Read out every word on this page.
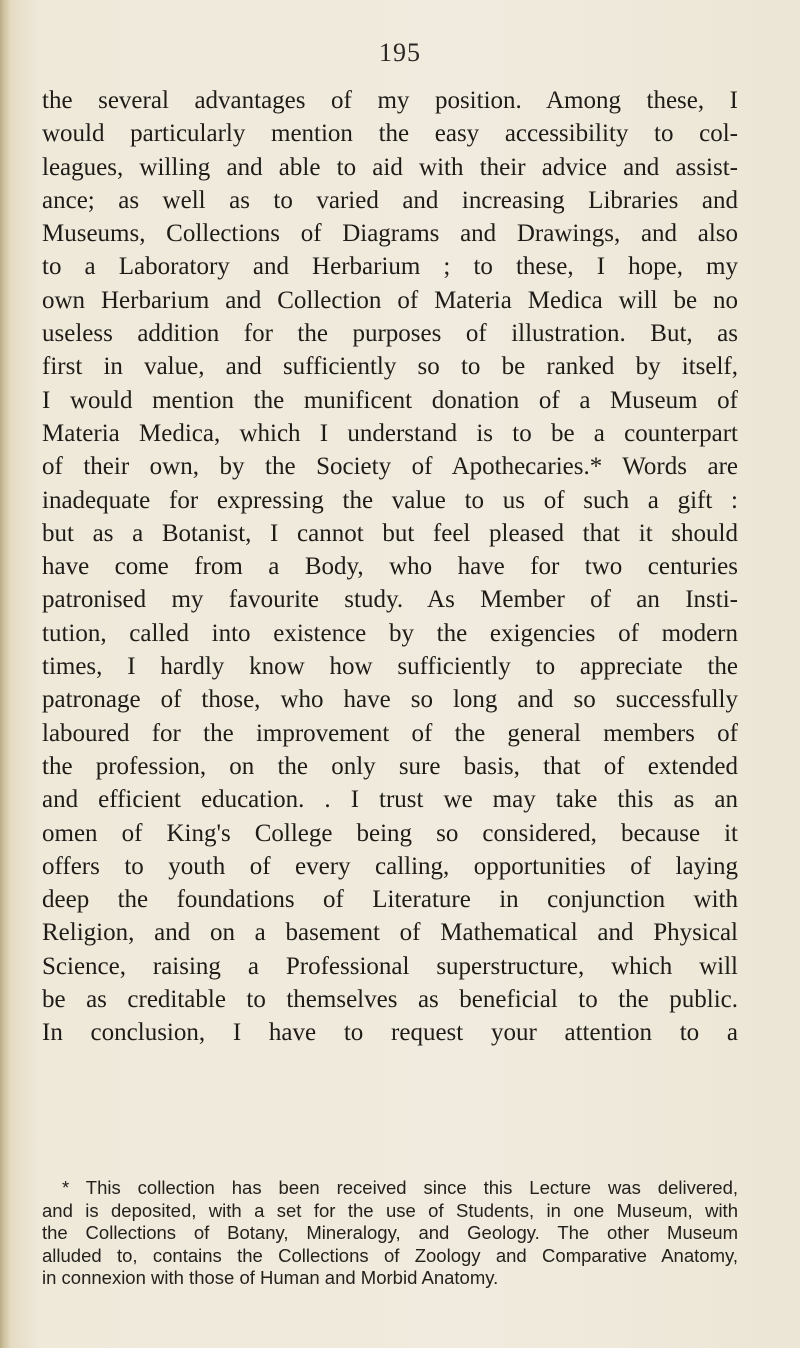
195
the several advantages of my position. Among these, I
would particularly mention the easy accessibility to col-
leagues, willing and able to aid with their advice and assist-
ance; as well as to varied and increasing Libraries and
Museums, Collections of Diagrams and Drawings, and also
to a Laboratory and Herbarium ; to these, I hope, my
own Herbarium and Collection of Materia Medica will be no
useless addition for the purposes of illustration. But, as
first in value, and sufficiently so to be ranked by itself,
I would mention the munificent donation of a Museum of
Materia Medica, which I understand is to be a counterpart
of their own, by the Society of Apothecaries.* Words are
inadequate for expressing the value to us of such a gift :
but as a Botanist, I cannot but feel pleased that it should
have come from a Body, who have for two centuries
patronised my favourite study. As Member of an Insti-
tution, called into existence by the exigencies of modern
times, I hardly know how sufficiently to appreciate the
patronage of those, who have so long and so successfully
laboured for the improvement of the general members of
the profession, on the only sure basis, that of extended
and efficient education. . I trust we may take this as an
omen of King's College being so considered, because it
offers to youth of every calling, opportunities of laying
deep the foundations of Literature in conjunction with
Religion, and on a basement of Mathematical and Physical
Science, raising a Professional superstructure, which will
be as creditable to themselves as beneficial to the public.
In conclusion, I have to request your attention to a
* This collection has been received since this Lecture was delivered,
and is deposited, with a set for the use of Students, in one Museum, with
the Collections of Botany, Mineralogy, and Geology. The other Museum
alluded to, contains the Collections of Zoology and Comparative Anatomy,
in connexion with those of Human and Morbid Anatomy.
